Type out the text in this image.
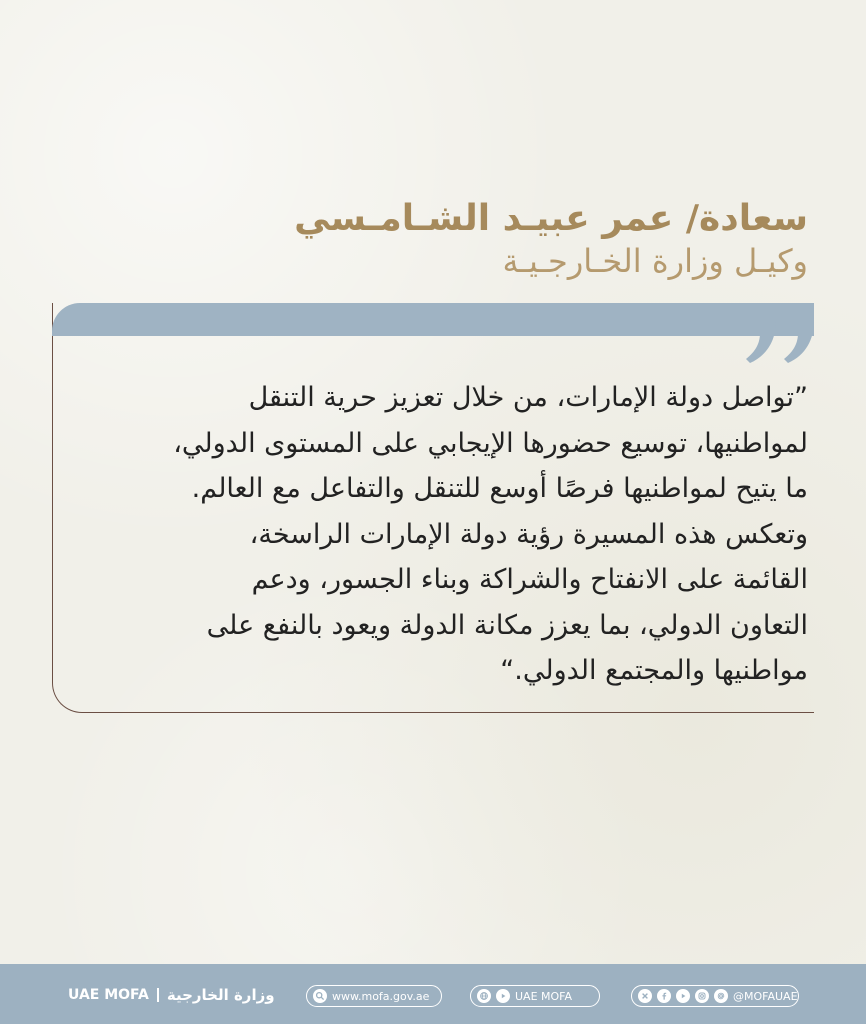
سعادة/ عمر عبيـد الشـامـسي
وكيـل وزارة الخـارجـيـة
”تواصل دولة الإمارات، من خلال تعزيز حرية التنقل
لمواطنيها، توسيع حضورها الإيجابي على المستوى الدولي،
ما يتيح لمواطنيها فرصًا أوسع للتنقل والتفاعل مع العالم.
وتعكس هذه المسيرة رؤية دولة الإمارات الراسخة،
القائمة على الانفتاح والشراكة وبناء الجسور، ودعم
التعاون الدولي، بما يعزز مكانة الدولة ويعود بالنفع على
مواطنيها والمجتمع الدولي.“
UAE MOFA وزارة الخارجية	www.mofa.gov.ae	UAE MOFA	@MOFAUAE
